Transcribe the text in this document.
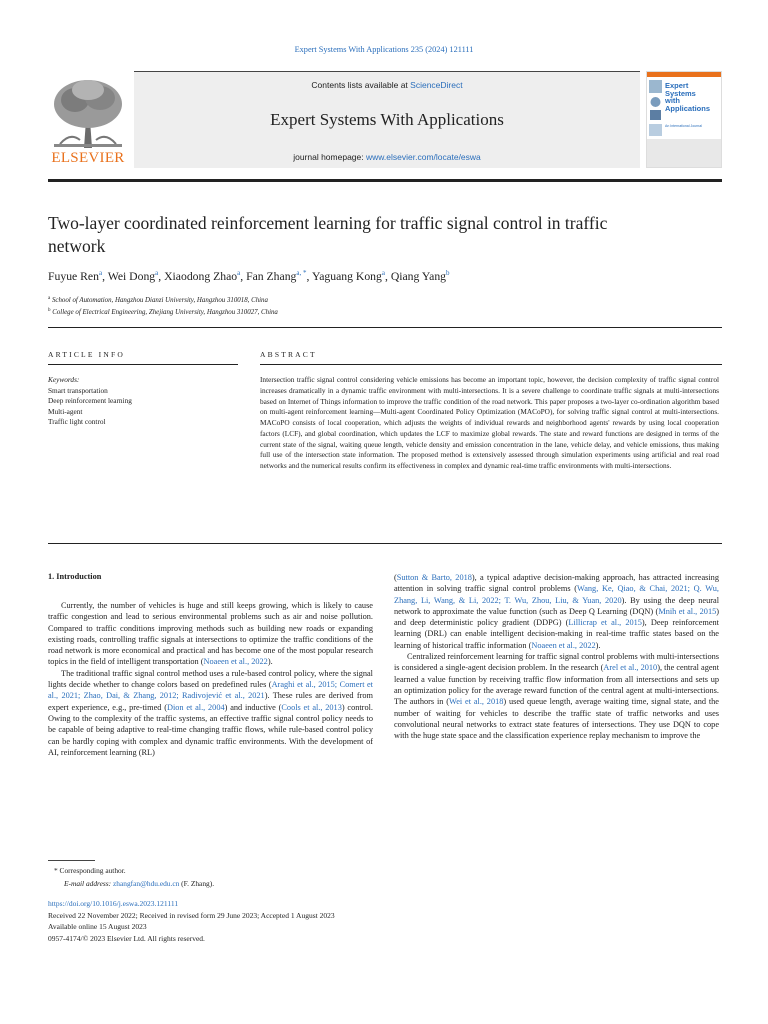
Expert Systems With Applications 235 (2024) 121111
ELSEVIER
Contents lists available at ScienceDirect
Expert Systems With Applications
journal homepage: www.elsevier.com/locate/eswa
Expert
Systems
with
Applications
An International Journal
Two-layer coordinated reinforcement learning for traffic signal control in traffic network
Fuyue Ren$^a$, Wei Dong$^a$, Xiaodong Zhao$^a$, Fan Zhang$^{a, *}$, Yaguang Kong$^a$, Qiang Yang$^b$
$^a$ School of Automation, Hangzhou Dianzi University, Hangzhou 310018, China
$^b$ College of Electrical Engineering, Zhejiang University, Hangzhou 310027, China
ARTICLE INFO	ABSTRACT
Keywords:
Smart transportation
Deep reinforcement learning
Multi-agent
Traffic light control
Intersection traffic signal control considering vehicle emissions has become an important topic, however, the decision complexity of traffic signal control increases dramatically in a dynamic traffic environment with multi-intersections. It is a severe challenge to coordinate traffic signals at multi-intersections based on Internet of Things information to improve the traffic condition of the road network. This paper proposes a two-layer co-ordination algorithm based on multi-agent reinforcement learning—Multi-agent Coordinated Policy Optimization (MACoPO), for solving traffic signal control at multi-intersections. MACoPO consists of local cooperation, which adjusts the weights of individual rewards and neighborhood agents' rewards by using local cooperation factors (LCF), and global coordination, which updates the LCF to maximize global rewards. The state and reward functions are designed in terms of the current state of the signal, waiting queue length, vehicle density and emission concentration in the lane, vehicle delay, and vehicle emissions, thus making full use of the intersection state information. The proposed method is extensively assessed through simulation experiments using artificial and real road networks and the numerical results confirm its effectiveness in complex and dynamic real-time traffic environments with multi-intersections.
1. Introduction

Currently, the number of vehicles is huge and still keeps growing, which is likely to cause traffic congestion and lead to serious environmental problems such as air and noise pollution. Compared to traffic conditions improving methods such as building new roads or expanding existing roads, controlling traffic signals at intersections to optimize the traffic conditions of the road network is more economical and practical and has become one of the most popular research topics in the field of intelligent transportation (Noaeen et al., 2022).

The traditional traffic signal control method uses a rule-based control policy, where the signal lights decide whether to change colors based on predefined rules (Araghi et al., 2015; Comert et al., 2021; Zhao, Dai, & Zhang, 2012; Radivojević et al., 2021). These rules are derived from expert experience, e.g., pre-timed (Dion et al., 2004) and inductive (Cools et al., 2013) control. Owing to the complexity of the traffic systems, an effective traffic signal control policy needs to be capable of being adaptive to real-time changing traffic flows, while rule-based control policy can be hardly coping with complex and dynamic traffic environments. With the development of AI, reinforcement learning (RL)

(Sutton & Barto, 2018), a typical adaptive decision-making approach, has attracted increasing attention in solving traffic signal control problems (Wang, Ke, Qiao, & Chai, 2021; Q. Wu, Zhang, Li, Wang, & Li, 2022; T. Wu, Zhou, Liu, & Yuan, 2020). By using the deep neural network to approximate the value function (such as Deep Q Learning (DQN) (Mnih et al., 2015) and deep deterministic policy gradient (DDPG) (Lillicrap et al., 2015), Deep reinforcement learning (DRL) can enable intelligent decision-making in real-time traffic states based on the learning of historical traffic information (Noaeen et al., 2022).

Centralized reinforcement learning for traffic signal control problems with multi-intersections is considered a single-agent decision problem. In the research (Arel et al., 2010), the central agent learned a value function by receiving traffic flow information from all intersections and sets up an optimization policy for the average reward function of the central agent at multi-intersections. The authors in (Wei et al., 2018) used queue length, average waiting time, signal state, and the number of waiting for vehicles to describe the traffic state of traffic networks and uses convolutional neural networks to extract state features of intersections. They use DQN to cope with the huge state space and the classification experience replay mechanism to improve the

* Corresponding author.
E-mail address: zhangfan@hdu.edu.cn (F. Zhang).
https://doi.org/10.1016/j.eswa.2023.121111
Received 22 November 2022; Received in revised form 29 June 2023; Accepted 1 August 2023
Available online 15 August 2023
0957-4174/© 2023 Elsevier Ltd. All rights reserved.
